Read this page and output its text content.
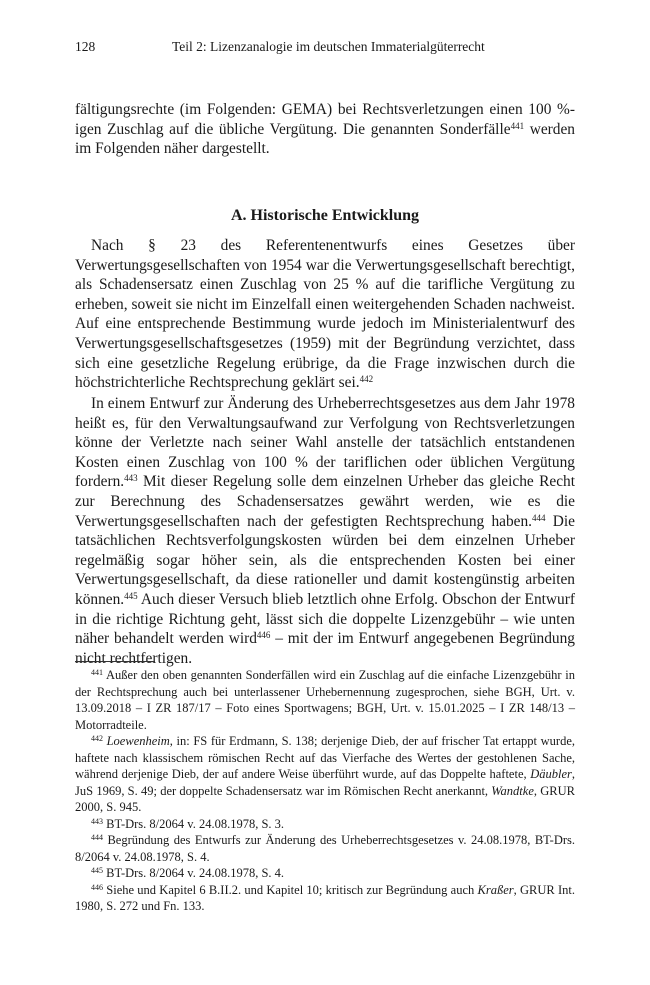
128	Teil 2: Lizenzanalogie im deutschen Immaterialgüterrecht

fältigungsrechte (im Folgenden: GEMA) bei Rechtsverletzungen einen 100 %-igen Zuschlag auf die übliche Vergütung. Die genannten Sonderfälle$^{441}$ werden im Folgenden näher dargestellt.

A. Historische Entwicklung

Nach § 23 des Referentenentwurfs eines Gesetzes über Verwertungsgesellschaften von 1954 war die Verwertungsgesellschaft berechtigt, als Schadensersatz einen Zuschlag von 25 % auf die tarifliche Vergütung zu erheben, soweit sie nicht im Einzelfall einen weitergehenden Schaden nachweist. Auf eine entsprechende Bestimmung wurde jedoch im Ministerialentwurf des Verwertungsgesellschaftsgesetzes (1959) mit der Begründung verzichtet, dass sich eine gesetzliche Regelung erübrige, da die Frage inzwischen durch die höchstrichterliche Rechtsprechung geklärt sei.$^{442}$

In einem Entwurf zur Änderung des Urheberrechtsgesetzes aus dem Jahr 1978 heißt es, für den Verwaltungsaufwand zur Verfolgung von Rechtsverletzungen könne der Verletzte nach seiner Wahl anstelle der tatsächlich entstandenen Kosten einen Zuschlag von 100 % der tariflichen oder üblichen Vergütung fordern.$^{443}$ Mit dieser Regelung solle dem einzelnen Urheber das gleiche Recht zur Berechnung des Schadensersatzes gewährt werden, wie es die Verwertungsgesellschaften nach der gefestigten Rechtsprechung haben.$^{444}$ Die tatsächlichen Rechtsverfolgungskosten würden bei dem einzelnen Urheber regelmäßig sogar höher sein, als die entsprechenden Kosten bei einer Verwertungsgesellschaft, da diese rationeller und damit kostengünstig arbeiten können.$^{445}$ Auch dieser Versuch blieb letztlich ohne Erfolg. Obschon der Entwurf in die richtige Richtung geht, lässt sich die doppelte Lizenzgebühr – wie unten näher behandelt werden wird$^{446}$ – mit der im Entwurf angegebenen Begründung nicht rechtfertigen.

$^{441}$ Außer den oben genannten Sonderfällen wird ein Zuschlag auf die einfache Lizenzgebühr in der Rechtsprechung auch bei unterlassener Urhebernennung zugesprochen, siehe BGH, Urt. v. 13.09.2018 – I ZR 187/17 – Foto eines Sportwagens; BGH, Urt. v. 15.01.2025 – I ZR 148/13 – Motorradteile.

$^{442}$ Loewenheim, in: FS für Erdmann, S. 138; derjenige Dieb, der auf frischer Tat ertappt wurde, haftete nach klassischem römischen Recht auf das Vierfache des Wertes der gestohlenen Sache, während derjenige Dieb, der auf andere Weise überführt wurde, auf das Doppelte haftete, Däubler, JuS 1969, S. 49; der doppelte Schadensersatz war im Römischen Recht anerkannt, Wandtke, GRUR 2000, S. 945.

$^{443}$ BT-Drs. 8/2064 v. 24.08.1978, S. 3.

$^{444}$ Begründung des Entwurfs zur Änderung des Urheberrechtsgesetzes v. 24.08.1978, BT-Drs. 8/2064 v. 24.08.1978, S. 4.

$^{445}$ BT-Drs. 8/2064 v. 24.08.1978, S. 4.

$^{446}$ Siehe und Kapitel 6 B.II.2. und Kapitel 10; kritisch zur Begründung auch Kraßer, GRUR Int. 1980, S. 272 und Fn. 133.
